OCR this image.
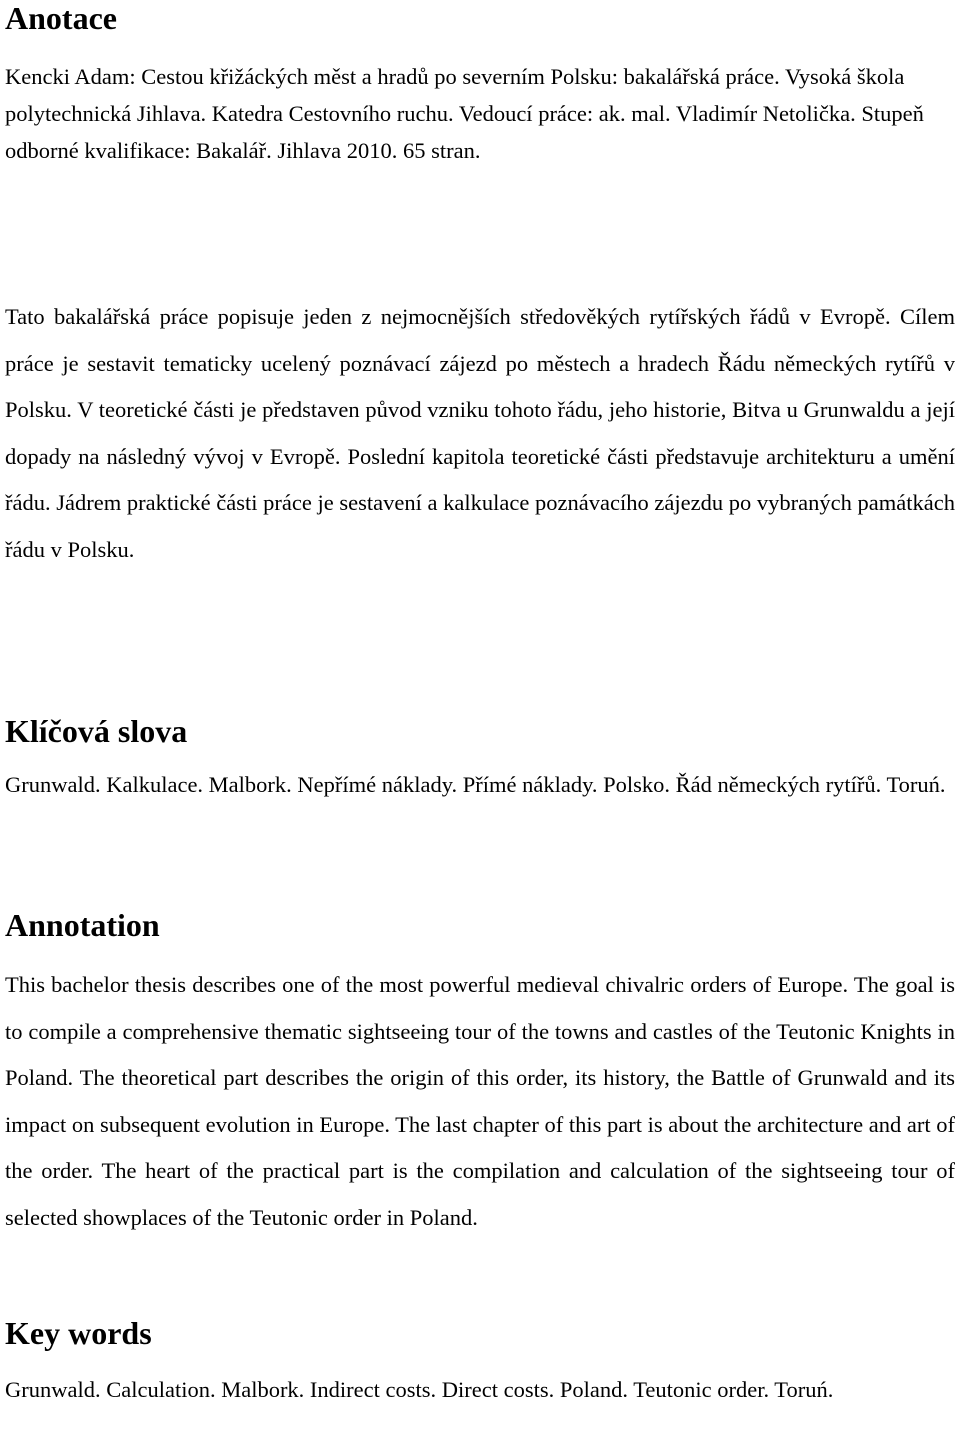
Anotace

Kencki Adam: Cestou křižáckých měst a hradů po severním Polsku: bakalářská práce. Vysoká škola polytechnická Jihlava. Katedra Cestovního ruchu. Vedoucí práce: ak. mal. Vladimír Netolička. Stupeň odborné kvalifikace: Bakalář. Jihlava 2010. 65 stran.

Tato bakalářská práce popisuje jeden z nejmocnějších středověkých rytířských řádů v Evropě. Cílem práce je sestavit tematicky ucelený poznávací zájezd po městech a hradech Řádu německých rytířů v Polsku. V teoretické části je představen původ vzniku tohoto řádu, jeho historie, Bitva u Grunwaldu a její dopady na následný vývoj v Evropě. Poslední kapitola teoretické části představuje architekturu a umění řádu. Jádrem praktické části práce je sestavení a kalkulace poznávacího zájezdu po vybraných památkách řádu v Polsku.

Klíčová slova

Grunwald. Kalkulace. Malbork. Nepřímé náklady. Přímé náklady. Polsko. Řád německých rytířů. Toruń.

Annotation

This bachelor thesis describes one of the most powerful medieval chivalric orders of Europe. The goal is to compile a comprehensive thematic sightseeing tour of the towns and castles of the Teutonic Knights in Poland. The theoretical part describes the origin of this order, its history, the Battle of Grunwald and its impact on subsequent evolution in Europe. The last chapter of this part is about the architecture and art of the order. The heart of the practical part is the compilation and calculation of the sightseeing tour of selected showplaces of the Teutonic order in Poland.

Key words

Grunwald. Calculation. Malbork. Indirect costs. Direct costs. Poland. Teutonic order. Toruń.
